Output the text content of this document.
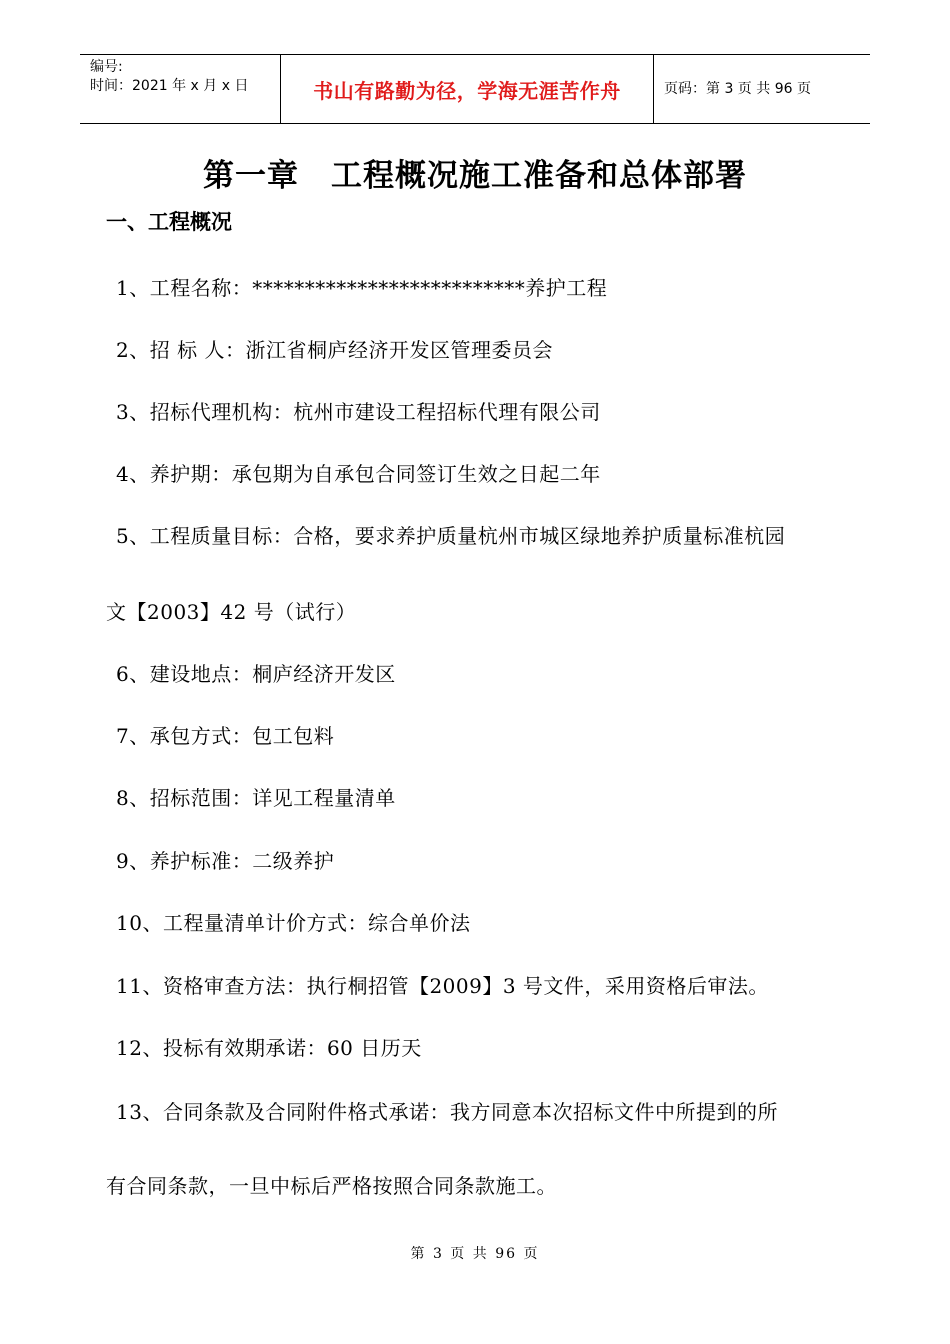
编号:
时间：2021 年 x 月 x 日	书山有路勤为径，学海无涯苦作舟	页码：第 3 页 共 96 页
第一章　工程概况施工准备和总体部署
一、工程概况
1、工程名称：**************************养护工程
2、招 标 人：浙江省桐庐经济开发区管理委员会
3、招标代理机构：杭州市建设工程招标代理有限公司
4、养护期：承包期为自承包合同签订生效之日起二年
5、工程质量目标：合格，要求养护质量杭州市城区绿地养护质量标准杭园
文【2003】42 号（试行）
6、建设地点：桐庐经济开发区
7、承包方式：包工包料
8、招标范围：详见工程量清单
9、养护标准：二级养护
10、工程量清单计价方式：综合单价法
11、资格审查方法：执行桐招管【2009】3 号文件，采用资格后审法。
12、投标有效期承诺：60 日历天
13、合同条款及合同附件格式承诺：我方同意本次招标文件中所提到的所
有合同条款，一旦中标后严格按照合同条款施工。
第 3 页 共 96 页
